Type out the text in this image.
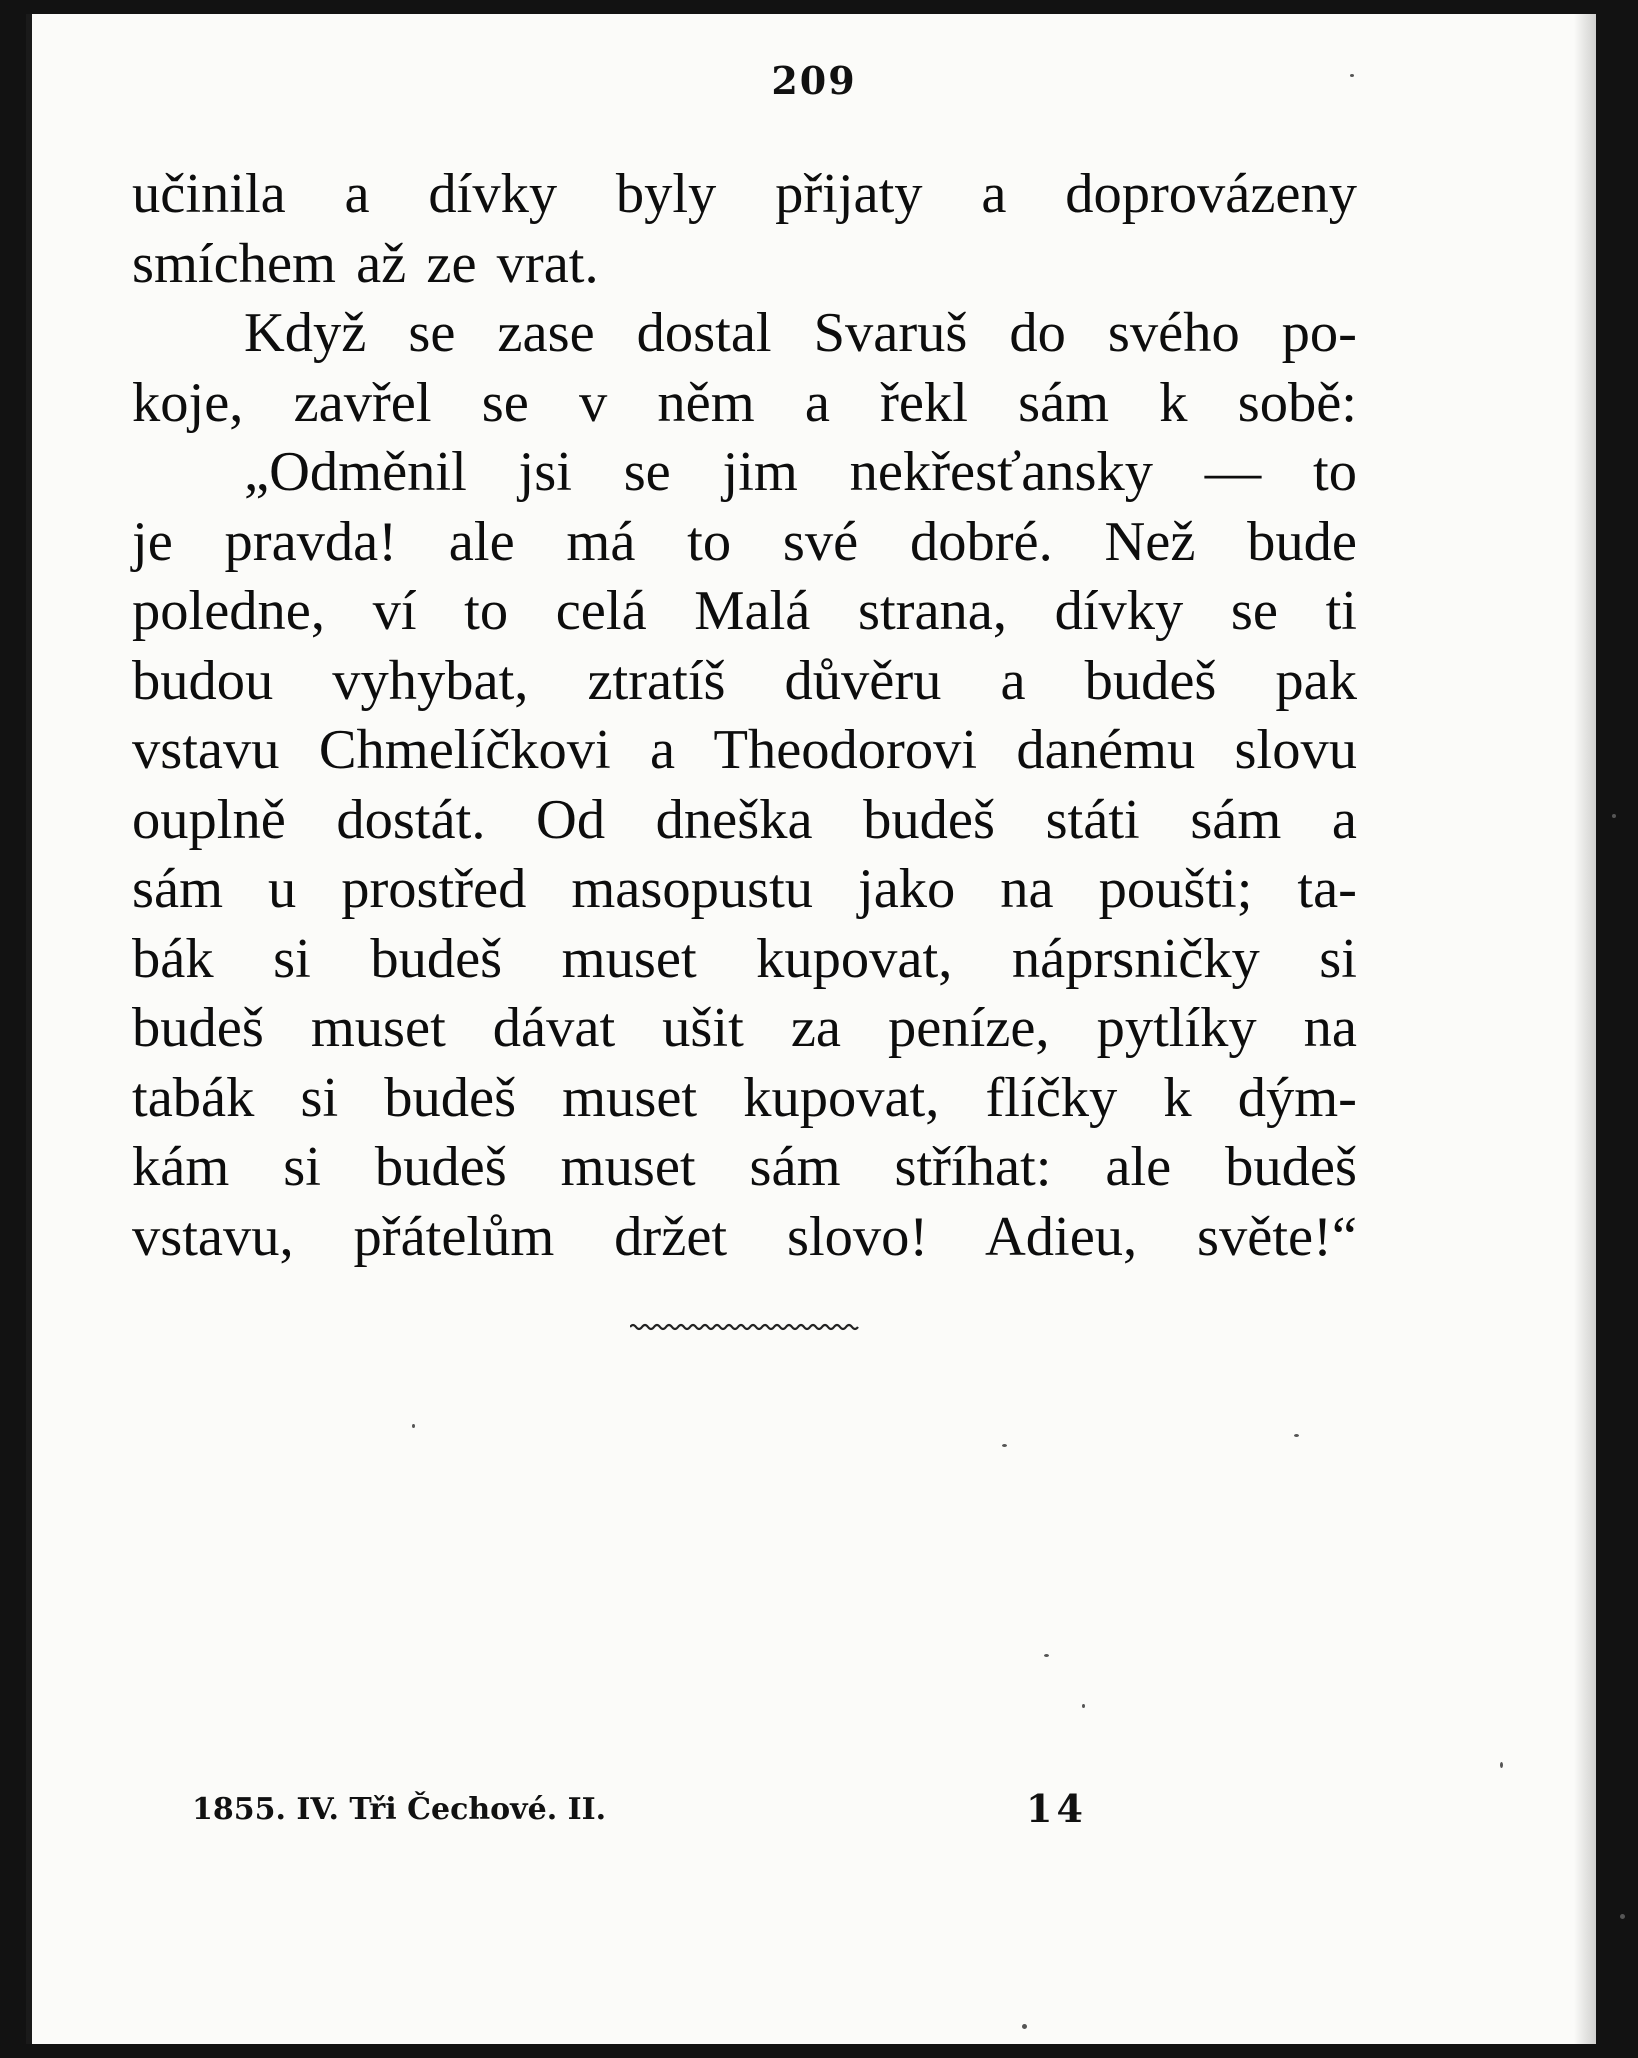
209
učinila a dívky byly přijaty a doprovázeny
smíchem až ze vrat.
Když se zase dostal Svaruš do svého po-
koje, zavřel se v něm a řekl sám k sobě:
„Odměnil jsi se jim nekřesťansky — to
je pravda! ale má to své dobré. Než bude
poledne, ví to celá Malá strana, dívky se ti
budou vyhybat, ztratíš důvěru a budeš pak
vstavu Chmelíčkovi a Theodorovi danému slovu
ouplně dostát. Od dneška budeš státi sám a
sám u prostřed masopustu jako na poušti; ta-
bák si budeš muset kupovat, náprsničky si
budeš muset dávat ušit za peníze, pytlíky na
tabák si budeš muset kupovat, flíčky k dým-
kám si budeš muset sám stříhat: ale budeš
vstavu, přátelům držet slovo! Adieu, světe!“
1855. IV. Tři Čechové. II.	14
